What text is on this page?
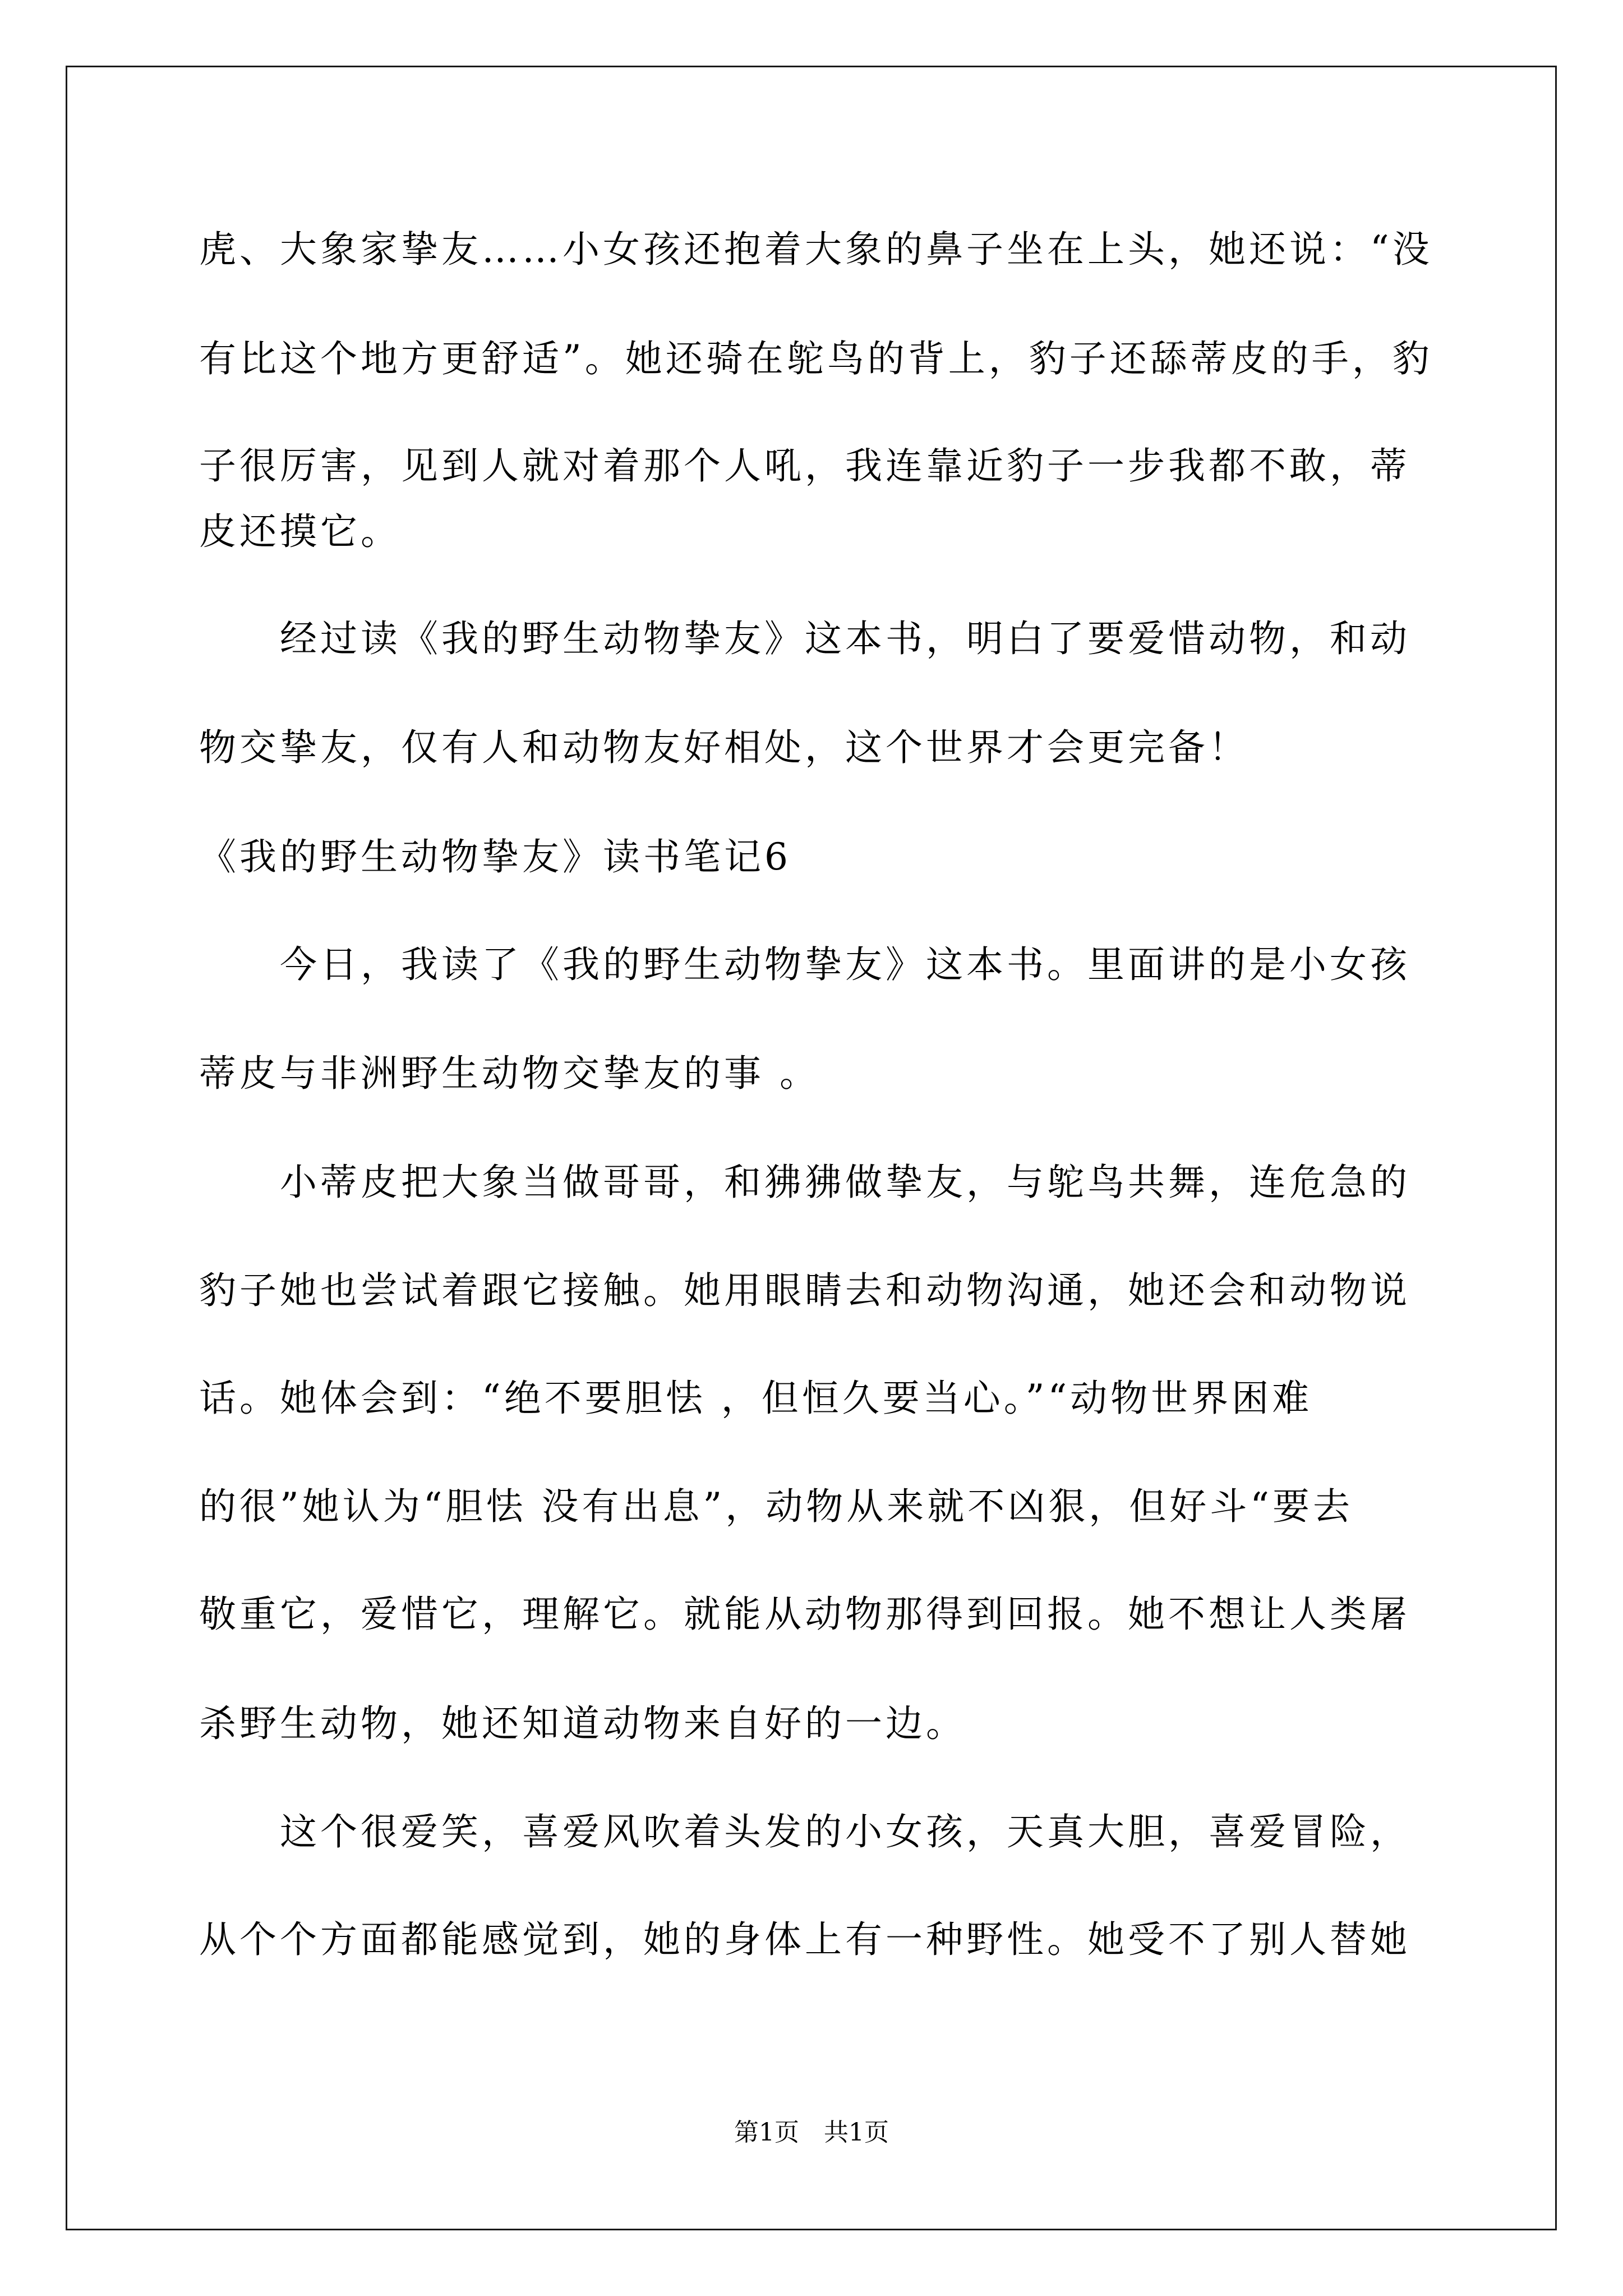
虎、大象家挚友……小女孩还抱着大象的鼻子坐在上头，她还说：“没
有比这个地方更舒适”。她还骑在鸵鸟的背上，豹子还舔蒂皮的手，豹
子很厉害，见到人就对着那个人吼，我连靠近豹子一步我都不敢，蒂
皮还摸它。
　　经过读《我的野生动物挚友》这本书，明白了要爱惜动物，和动
物交挚友，仅有人和动物友好相处，这个世界才会更完备！
《我的野生动物挚友》读书笔记6
　　今日，我读了《我的野生动物挚友》这本书。里面讲的是小女孩
蒂皮与非洲野生动物交挚友的事 。
　　小蒂皮把大象当做哥哥，和狒狒做挚友，与鸵鸟共舞，连危急的
豹子她也尝试着跟它接触。她用眼睛去和动物沟通，她还会和动物说
话。她体会到：“绝不要胆怯 ，但恒久要当心。”“动物世界困难
的很”她认为“胆怯 没有出息”，动物从来就不凶狠，但好斗“要去
敬重它，爱惜它，理解它。就能从动物那得到回报。她不想让人类屠
杀野生动物，她还知道动物来自好的一边。
　　这个很爱笑，喜爱风吹着头发的小女孩，天真大胆，喜爱冒险，
从个个方面都能感觉到，她的身体上有一种野性。她受不了别人替她
第1页　共1页
